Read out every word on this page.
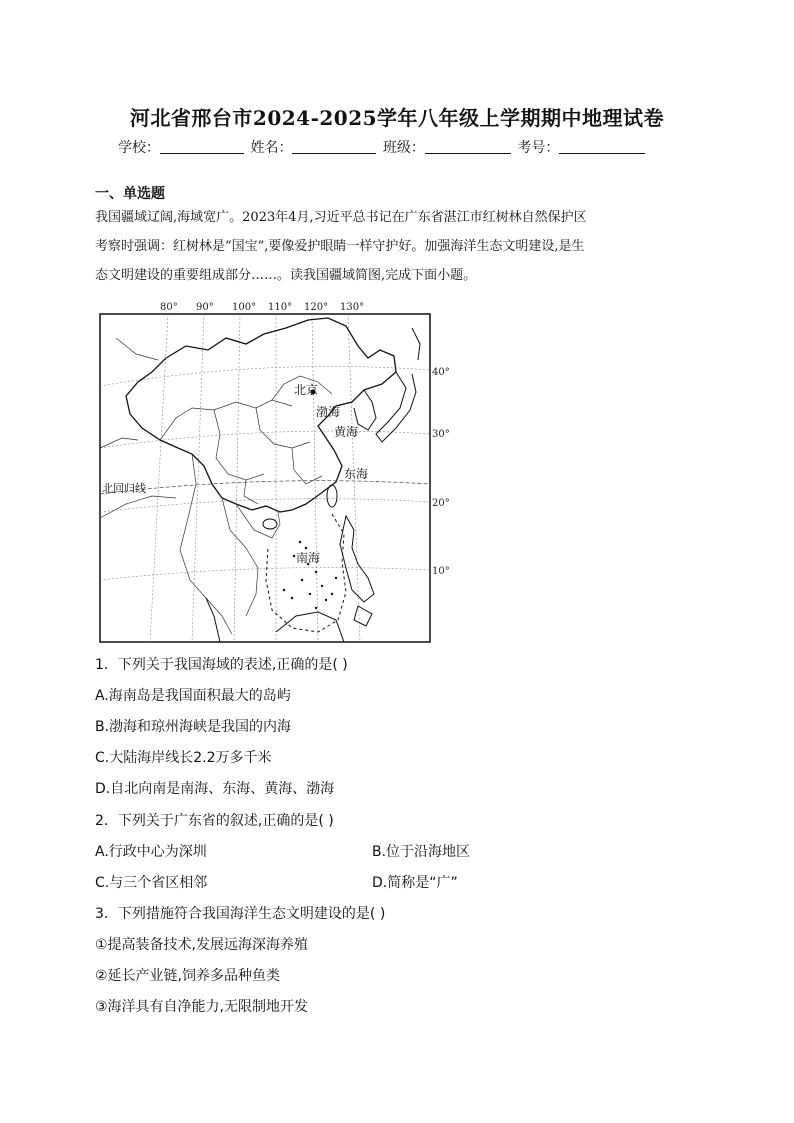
河北省邢台市2024-2025学年八年级上学期期中地理试卷
学校：	姓名：	班级：	考号：
一、单选题
我国疆域辽阔,海域宽广。2023年4月,习近平总书记在广东省湛江市红树林自然保护区
考察时强调：红树林是“国宝”,要像爱护眼睛一样守护好。加强海洋生态文明建设,是生
态文明建设的重要组成部分……。读我国疆域简图,完成下面小题。
80° 90° 100° 110° 120° 130°
40°
30°
20°
10°
北京
渤海
黄海
东海
南海
北回归线
1．下列关于我国海域的表述,正确的是( )
A.海南岛是我国面积最大的岛屿
B.渤海和琼州海峡是我国的内海
C.大陆海岸线长2.2万多千米
D.自北向南是南海、东海、黄海、渤海
2．下列关于广东省的叙述,正确的是( )
A.行政中心为深圳	B.位于沿海地区
C.与三个省区相邻	D.简称是“广”
3．下列措施符合我国海洋生态文明建设的是( )
①提高装备技术,发展远海深海养殖
②延长产业链,饲养多品种鱼类
③海洋具有自净能力,无限制地开发
